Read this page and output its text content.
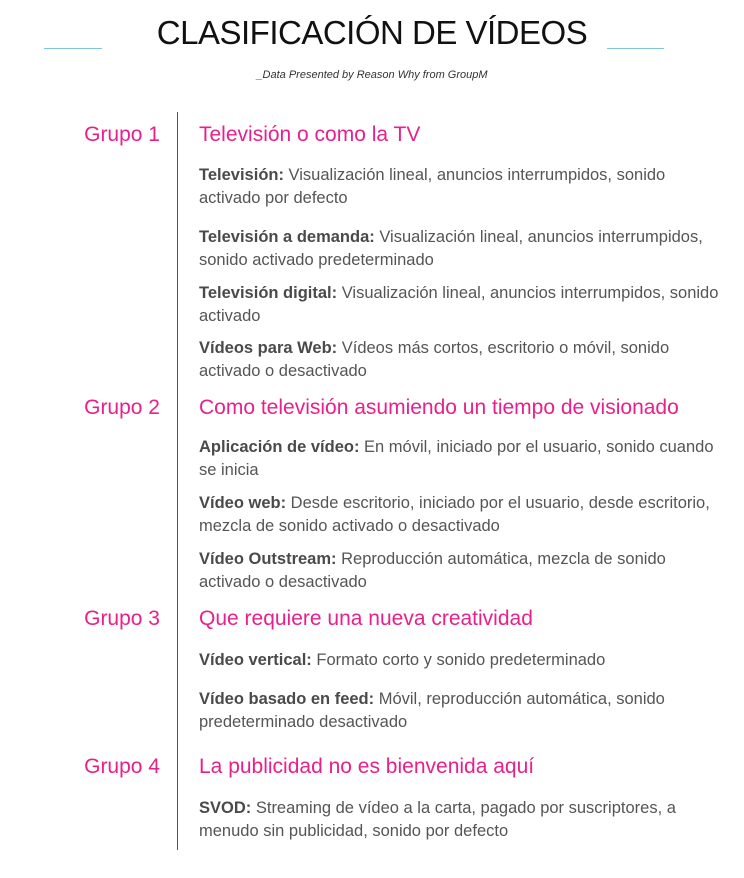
CLASIFICACIÓN DE VÍDEOS
_Data Presented by Reason Why from GroupM
Grupo 1 Televisión o como la TV
Televisión: Visualización lineal, anuncios interrumpidos, sonido activado por defecto
Televisión a demanda: Visualización lineal, anuncios interrumpidos, sonido activado predeterminado
Televisión digital: Visualización lineal, anuncios interrumpidos, sonido activado
Vídeos para Web: Vídeos más cortos, escritorio o móvil, sonido activado o desactivado
Grupo 2 Como televisión asumiendo un tiempo de visionado
Aplicación de vídeo: En móvil, iniciado por el usuario, sonido cuando se inicia
Vídeo web: Desde escritorio, iniciado por el usuario, desde escritorio, mezcla de sonido activado o desactivado
Vídeo Outstream: Reproducción automática, mezcla de sonido activado o desactivado
Grupo 3 Que requiere una nueva creatividad
Vídeo vertical: Formato corto y sonido predeterminado
Vídeo basado en feed: Móvil, reproducción automática, sonido predeterminado desactivado
Grupo 4 La publicidad no es bienvenida aquí
SVOD: Streaming de vídeo a la carta, pagado por suscriptores, a menudo sin publicidad, sonido por defecto
